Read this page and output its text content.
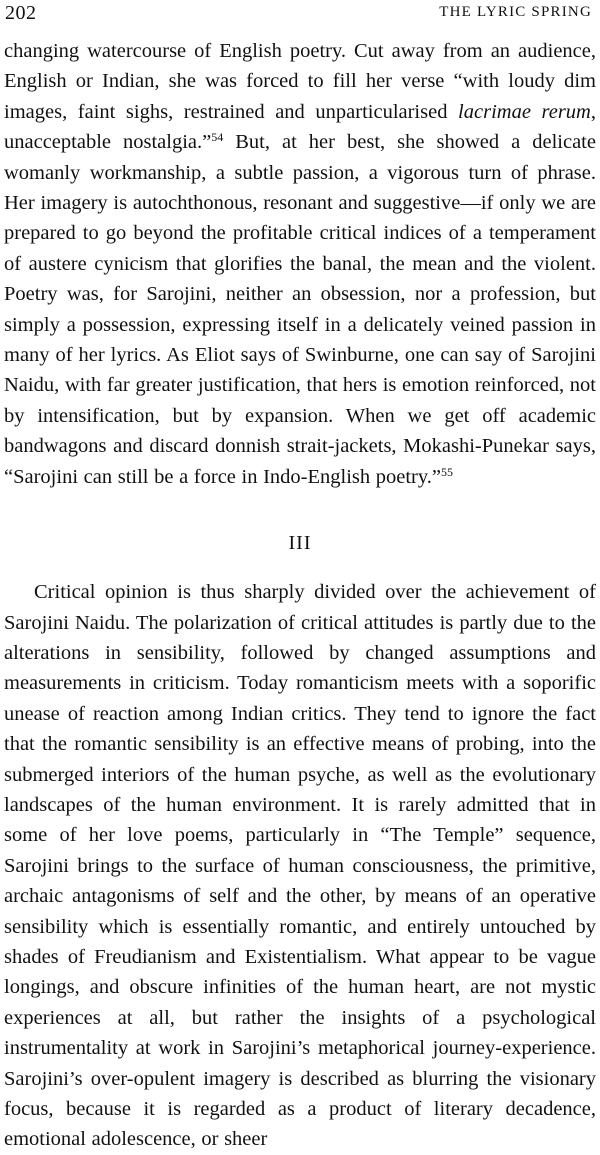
202	THE LYRIC SPRING

changing watercourse of English poetry. Cut away from an audience, English or Indian, she was forced to fill her verse “with loudy dim images, faint sighs, restrained and unparticularised lacrimae rerum, unacceptable nostalgia.”$^{54}$ But, at her best, she showed a delicate womanly workmanship, a subtle passion, a vigorous turn of phrase. Her imagery is autochthonous, resonant and suggestive—if only we are prepared to go beyond the profitable critical indices of a temperament of austere cynicism that glorifies the banal, the mean and the violent. Poetry was, for Sarojini, neither an obsession, nor a profession, but simply a possession, expressing itself in a delicately veined passion in many of her lyrics. As Eliot says of Swinburne, one can say of Sarojini Naidu, with far greater justification, that hers is emotion reinforced, not by intensification, but by expansion. When we get off academic bandwagons and discard donnish strait-jackets, Mokashi-Punekar says, “Sarojini can still be a force in Indo-English poetry.”$^{55}$

III

Critical opinion is thus sharply divided over the achievement of Sarojini Naidu. The polarization of critical attitudes is partly due to the alterations in sensibility, followed by changed assumptions and measurements in criticism. Today romanticism meets with a soporific unease of reaction among Indian critics. They tend to ignore the fact that the romantic sensibility is an effective means of probing, into the submerged interiors of the human psyche, as well as the evolutionary landscapes of the human environment. It is rarely admitted that in some of her love poems, particularly in “The Temple” sequence, Sarojini brings to the surface of human consciousness, the primitive, archaic antagonisms of self and the other, by means of an operative sensibility which is essentially romantic, and entirely untouched by shades of Freudianism and Existentialism. What appear to be vague longings, and obscure infinities of the human heart, are not mystic experiences at all, but rather the insights of a psychological instrumentality at work in Sarojini’s metaphorical journey-experience. Sarojini’s over-opulent imagery is described as blurring the visionary focus, because it is regarded as a product of literary decadence, emotional adolescence, or sheer
